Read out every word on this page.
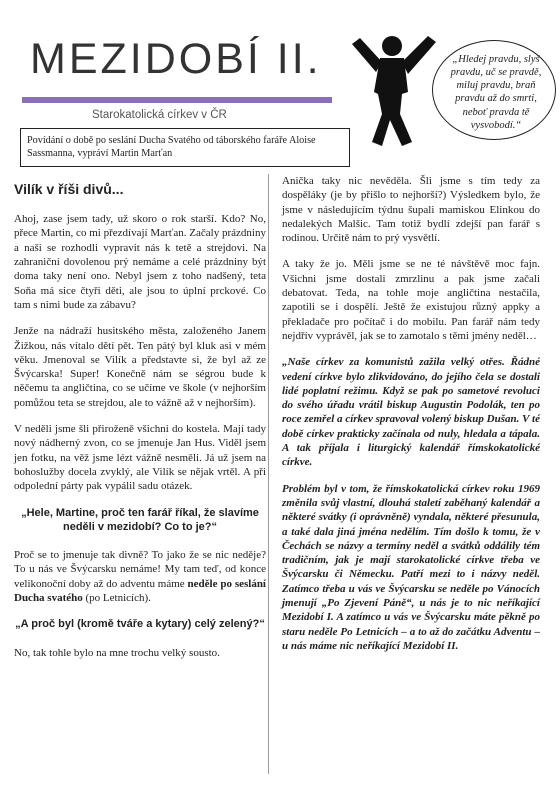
MEZIDOBÍ II.
Starokatolická církev v ČR
Povídání o době po seslání Ducha Svatého od táborského faráře Aloise Sassmanna, vypráví Martin Marťan
„Hledej pravdu, slyš pravdu, uč se pravdě, miluj pravdu, braň pravdu až do smrti, neboť pravda tě vysvobodí.“
Vilík v říši divů...

Ahoj, zase jsem tady, už skoro o rok starší. Kdo? No, přece Martin, co mi přezdívají Marťan. Začaly prázdniny a naši se rozhodli vypravit nás k tetě a strejdovi. Na zahraniční dovolenou prý nemáme a celé prázdniny být doma taky není ono. Nebyl jsem z toho nadšený, teta Soňa má sice čtyři děti, ale jsou to úplní prckové. Co tam s nimi bude za zábavu?

Jenže na nádraží husitského města, založeného Janem Žižkou, nás vítalo dětí pět. Ten pátý byl kluk asi v mém věku. Jmenoval se Vilík a představte si, že byl až ze Švýcarska! Super! Konečně nám se ségrou bude k něčemu ta angličtina, co se učíme ve škole (v nejhorším pomůžou teta se strejdou, ale to vážně až v nejhorším).

V neděli jsme šli přiroženě všichni do kostela. Mají tady nový nádherný zvon, co se jmenuje Jan Hus. Viděl jsem jen fotku, na věž jsme lézt vážně nesměli. Já už jsem na bohoslužby docela zvyklý, ale Vilík se nějak vrtěl. A při odpolední párty pak vypálil sadu otázek.

„Hele, Martine, proč ten farář říkal, že slavíme neděli v mezidobí? Co to je?“

Proč se to jmenuje tak divně? To jako že se nic neděje? To u nás ve Švýcarsku nemáme! My tam teď, od konce velikonoční doby až do adventu máme neděle po seslání Ducha svatého (po Letnicích).

„A proč byl (kromě tváře a kytary) celý zelený?“

No, tak tohle bylo na mne trochu velký sousto.

Anička taky nic nevěděla. Šli jsme s tím tedy za dospěláky (je by přišlo to nejhorší?) Výsledkem bylo, že jsme v následujícím týdnu šupali mamiskou Elinkou do nedalekých Malšic. Tam totiž bydlí zdejší pan farář s rodinou. Určitě nám to prý vysvětlí.

A taky že jo. Měli jsme se ne té návštěvě moc fajn. Všichni jsme dostali zmrzlinu a pak jsme začali debatovat. Teda, na tohle moje angličtina nestačila, zapotili se i dospělí. Ještě že existujou různý appky a překladače pro počítač i do mobilu. Pan farář nám tedy nejdřív vyprávěl, jak se to zamotalo s těmi jmény neděl…

„Naše církev za komunistů zažila velký otřes. Řádné vedení církve bylo zlikvidováno, do jejího čela se dostali lidé poplatní režimu. Když se pak po sametové revoluci do svého úřadu vrátil biskup Augustin Podolák, ten po roce zemřel a církev spravoval volený biskup Dušan. V té době církev prakticky začínala od nuly, hledala a tápala. A tak příjala i liturgický kalendář římskokatolické církve.

Problém byl v tom, že římskokatolická církev roku 1969 změnila svůj vlastní, dlouhá staletí zaběhaný kalendář a některé svátky (i oprávněně) vyndala, některé přesunula, a také dala jiná jména nedělím. Tím došlo k tomu, že v Čechách se názvy a termíny neděl a svátků oddálily tém tradičním, jak je mají starokatolické církve třeba ve Švýcarsku či Německu. Patří mezi to i názvy neděl. Zatímco třeba u vás ve Švýcarsku se neděle po Vánocích jmenují „Po Zjevení Páně“, u nás je to nic neříkající Mezidobí I. A zatímco u vás ve Švýcarsku máte pěkně po staru neděle Po Letnicích – a to až do začátku Adventu – u nás máme nic neříkající Mezidobí II.
